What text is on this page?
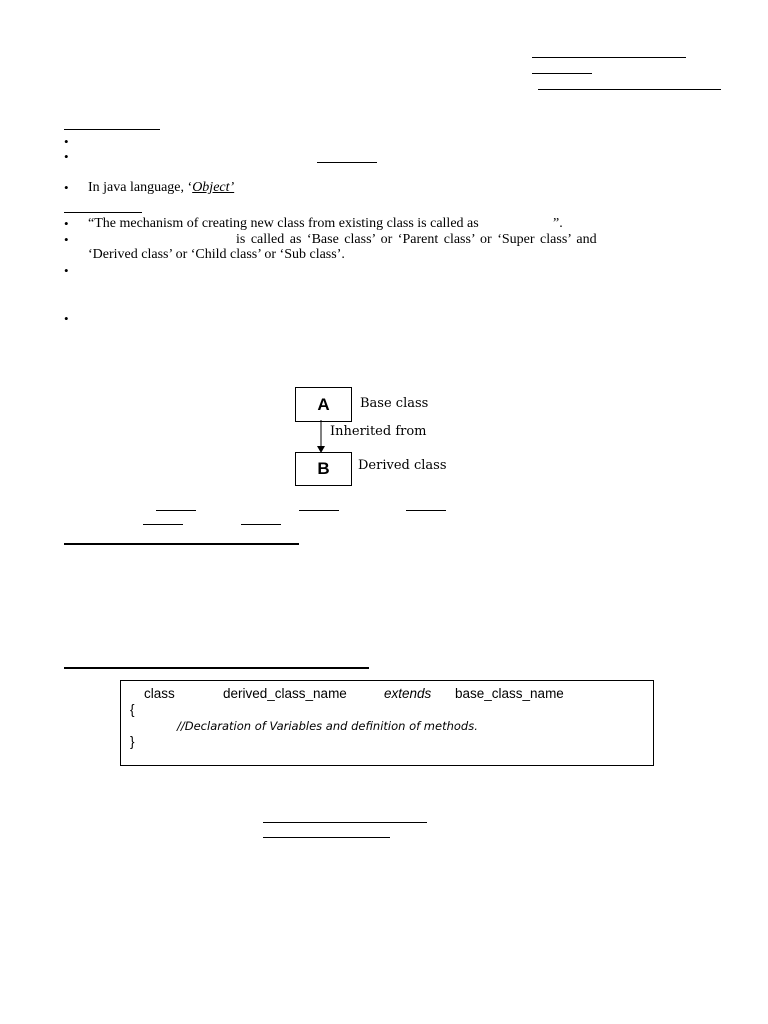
•
•
• In java language, ‘Object’
• “The mechanism of creating new class from existing class is called as	”.
•	is called as ‘Base class’ or ‘Parent class’ or ‘Super class’ and
‘Derived class’ or ‘Child class’ or ‘Sub class’.
•
•
A Base class
Inherited from
B Derived class
class	derived_class_name	extends base_class_name
{
//Declaration of Variables and definition of methods.
}
